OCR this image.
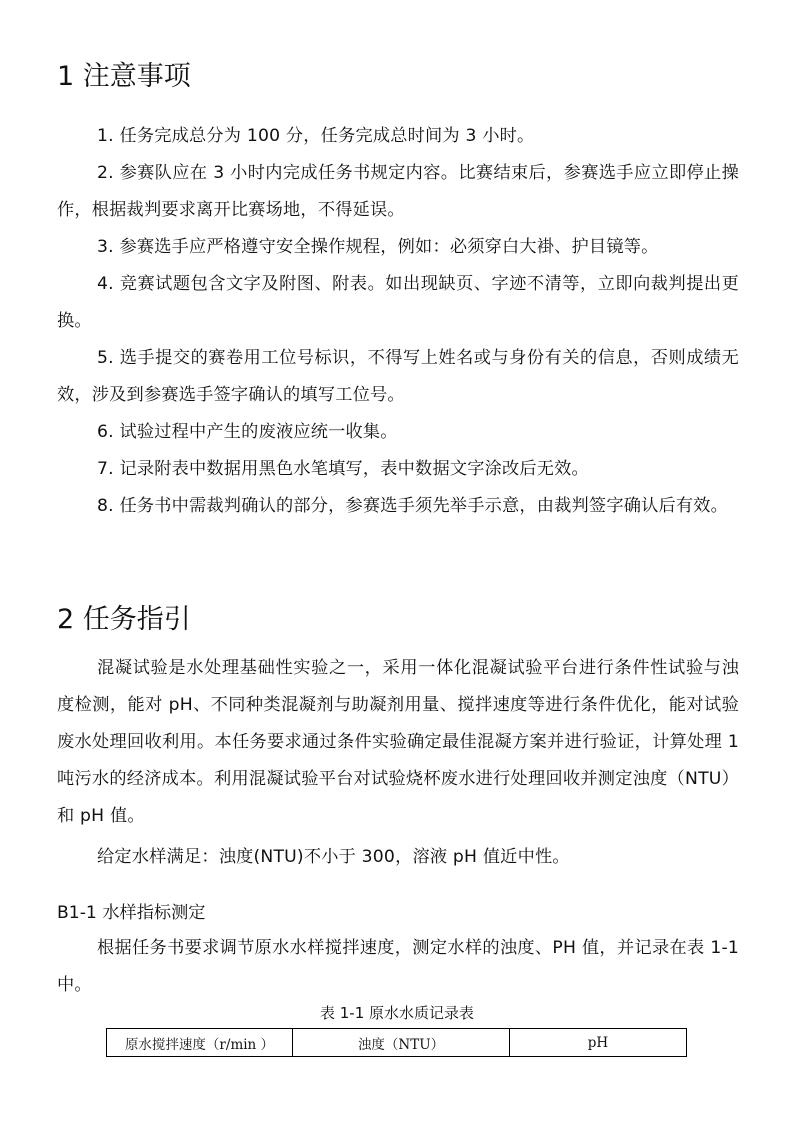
1 注意事项

1. 任务完成总分为 100 分，任务完成总时间为 3 小时。

2. 参赛队应在 3 小时内完成任务书规定内容。比赛结束后，参赛选手应立即停止操作，根据裁判要求离开比赛场地，不得延误。

3. 参赛选手应严格遵守安全操作规程，例如：必须穿白大褂、护目镜等。

4. 竞赛试题包含文字及附图、附表。如出现缺页、字迹不清等，立即向裁判提出更换。

5. 选手提交的赛卷用工位号标识，不得写上姓名或与身份有关的信息，否则成绩无效，涉及到参赛选手签字确认的填写工位号。

6. 试验过程中产生的废液应统一收集。

7. 记录附表中数据用黑色水笔填写，表中数据文字涂改后无效。

8. 任务书中需裁判确认的部分，参赛选手须先举手示意，由裁判签字确认后有效。

2 任务指引

混凝试验是水处理基础性实验之一，采用一体化混凝试验平台进行条件性试验与浊度检测，能对 pH、不同种类混凝剂与助凝剂用量、搅拌速度等进行条件优化，能对试验废水处理回收利用。本任务要求通过条件实验确定最佳混凝方案并进行验证，计算处理 1 吨污水的经济成本。利用混凝试验平台对试验烧杯废水进行处理回收并测定浊度（NTU）和 pH 值。

给定水样满足：浊度(NTU)不小于 300，溶液 pH 值近中性。

B1-1 水样指标测定

根据任务书要求调节原水水样搅拌速度，测定水样的浊度、PH 值，并记录在表 1-1 中。

表 1-1 原水水质记录表
原水搅拌速度（r/min ）	浊度（NTU）	pH
